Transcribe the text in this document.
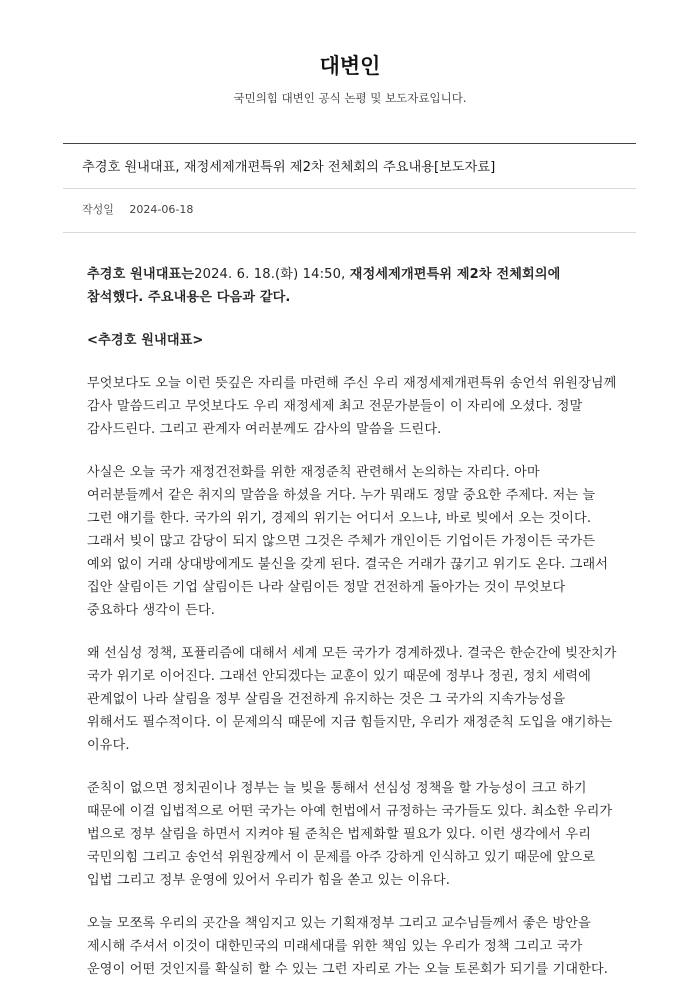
대변인
국민의힘 대변인 공식 논평 및 보도자료입니다.
추경호 원내대표, 재정세제개편특위 제2차 전체회의 주요내용[보도자료]
작성일 2024-06-18

추경호 원내대표는2024. 6. 18.(화) 14:50, 재정세제개편특위 제2차 전체회의에 참석했다. 주요내용은 다음과 같다.

<추경호 원내대표>

무엇보다도 오늘 이런 뜻깊은 자리를 마련해 주신 우리 재정세제개편특위 송언석 위원장님께 감사 말씀드리고 무엇보다도 우리 재정세제 최고 전문가분들이 이 자리에 오셨다. 정말 감사드린다. 그리고 관계자 여러분께도 감사의 말씀을 드린다.

사실은 오늘 국가 재정건전화를 위한 재정준칙 관련해서 논의하는 자리다. 아마 여러분들께서 같은 취지의 말씀을 하셨을 거다. 누가 뭐래도 정말 중요한 주제다. 저는 늘 그런 얘기를 한다. 국가의 위기, 경제의 위기는 어디서 오느냐, 바로 빚에서 오는 것이다. 그래서 빚이 많고 감당이 되지 않으면 그것은 주체가 개인이든 기업이든 가정이든 국가든 예외 없이 거래 상대방에게도 불신을 갖게 된다. 결국은 거래가 끊기고 위기도 온다. 그래서 집안 살림이든 기업 살림이든 나라 살림이든 정말 건전하게 돌아가는 것이 무엇보다 중요하다 생각이 든다.

왜 선심성 정책, 포퓰리즘에 대해서 세계 모든 국가가 경계하겠나. 결국은 한순간에 빚잔치가 국가 위기로 이어진다. 그래선 안되겠다는 교훈이 있기 때문에 정부나 정권, 정치 세력에 관계없이 나라 살림을 정부 살림을 건전하게 유지하는 것은 그 국가의 지속가능성을 위해서도 필수적이다. 이 문제의식 때문에 지금 힘들지만, 우리가 재정준칙 도입을 얘기하는 이유다.

준칙이 없으면 정치권이나 정부는 늘 빚을 통해서 선심성 정책을 할 가능성이 크고 하기 때문에 이걸 입법적으로 어떤 국가는 아예 헌법에서 규정하는 국가들도 있다. 최소한 우리가 법으로 정부 살림을 하면서 지켜야 될 준칙은 법제화할 필요가 있다. 이런 생각에서 우리 국민의힘 그리고 송언석 위원장께서 이 문제를 아주 강하게 인식하고 있기 때문에 앞으로 입법 그리고 정부 운영에 있어서 우리가 힘을 쏟고 있는 이유다.

오늘 모쪼록 우리의 곳간을 책임지고 있는 기획재정부 그리고 교수님들께서 좋은 방안을 제시해 주셔서 이것이 대한민국의 미래세대를 위한 책임 있는 우리가 정책 그리고 국가 운영이 어떤 것인지를 확실히 할 수 있는 그런 자리로 가는 오늘 토론회가 되기를 기대한다.
